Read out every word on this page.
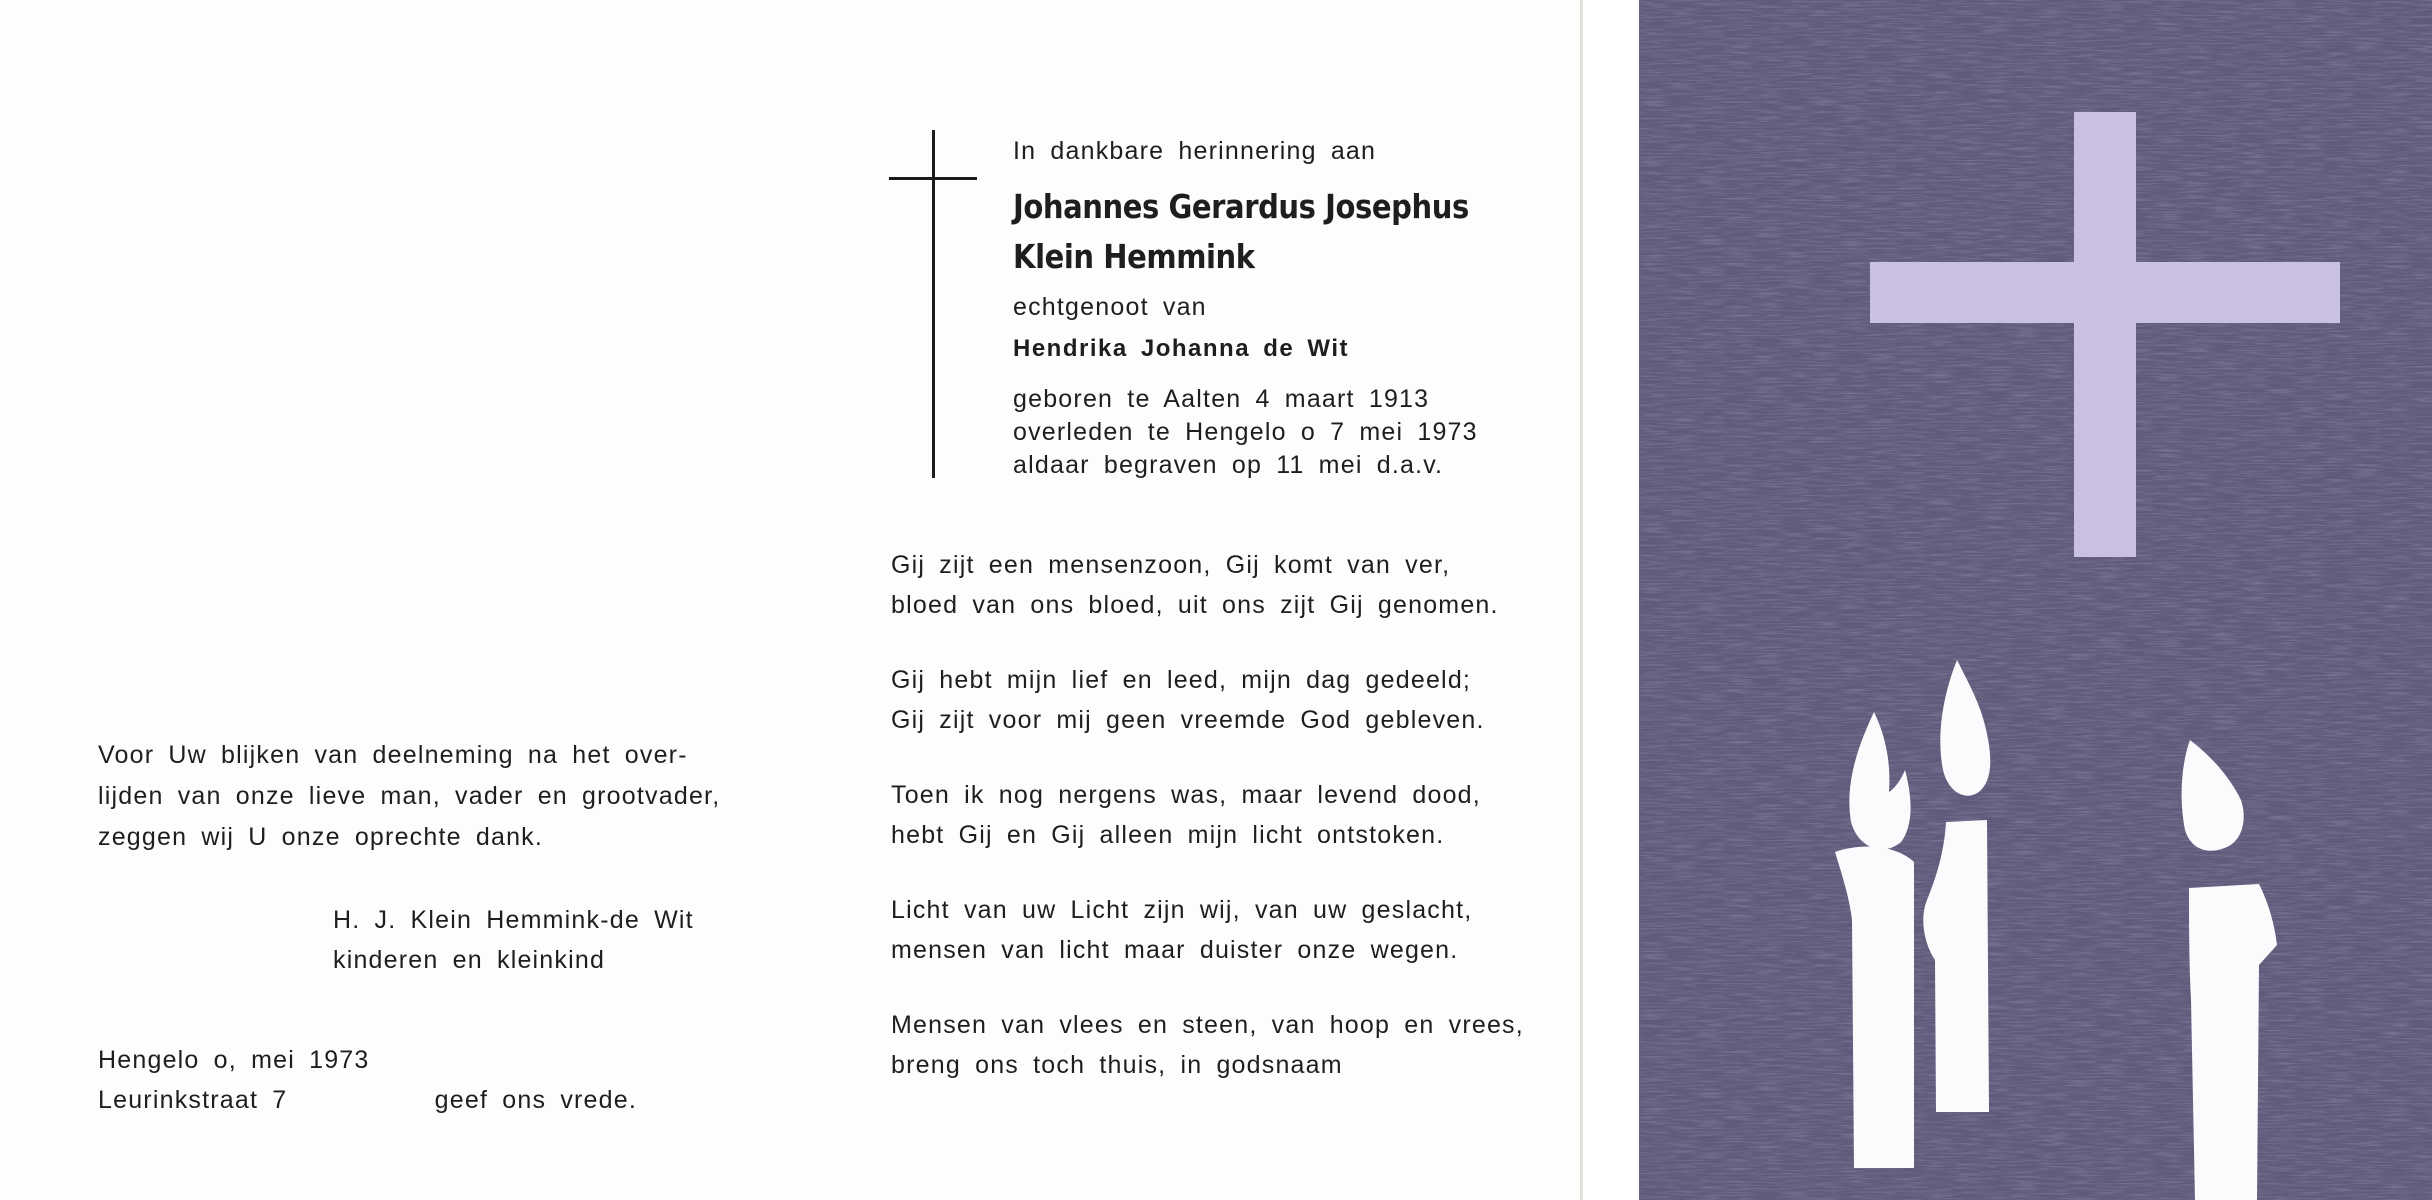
Voor Uw blijken van deelneming na het over-
lijden van onze lieve man, vader en grootvader,
zeggen wij U onze oprechte dank.
H. J. Klein Hemmink-de Wit
kinderen en kleinkind
Hengelo o, mei 1973
Leurinkstraat 7
In dankbare herinnering aan
Johannes Gerardus Josephus
Klein Hemmink
echtgenoot van
Hendrika Johanna de Wit
geboren te Aalten 4 maart 1913
overleden te Hengelo o 7 mei 1973
aldaar begraven op 11 mei d.a.v.
Gij zijt een mensenzoon, Gij komt van ver,
bloed van ons bloed, uit ons zijt Gij genomen.
Gij hebt mijn lief en leed, mijn dag gedeeld;
Gij zijt voor mij geen vreemde God gebleven.
Toen ik nog nergens was, maar levend dood,
hebt Gij en Gij alleen mijn licht ontstoken.
Licht van uw Licht zijn wij, van uw geslacht,
mensen van licht maar duister onze wegen.
Mensen van vlees en steen, van hoop en vrees,
breng ons toch thuis, in godsnaam
geef ons vrede.
